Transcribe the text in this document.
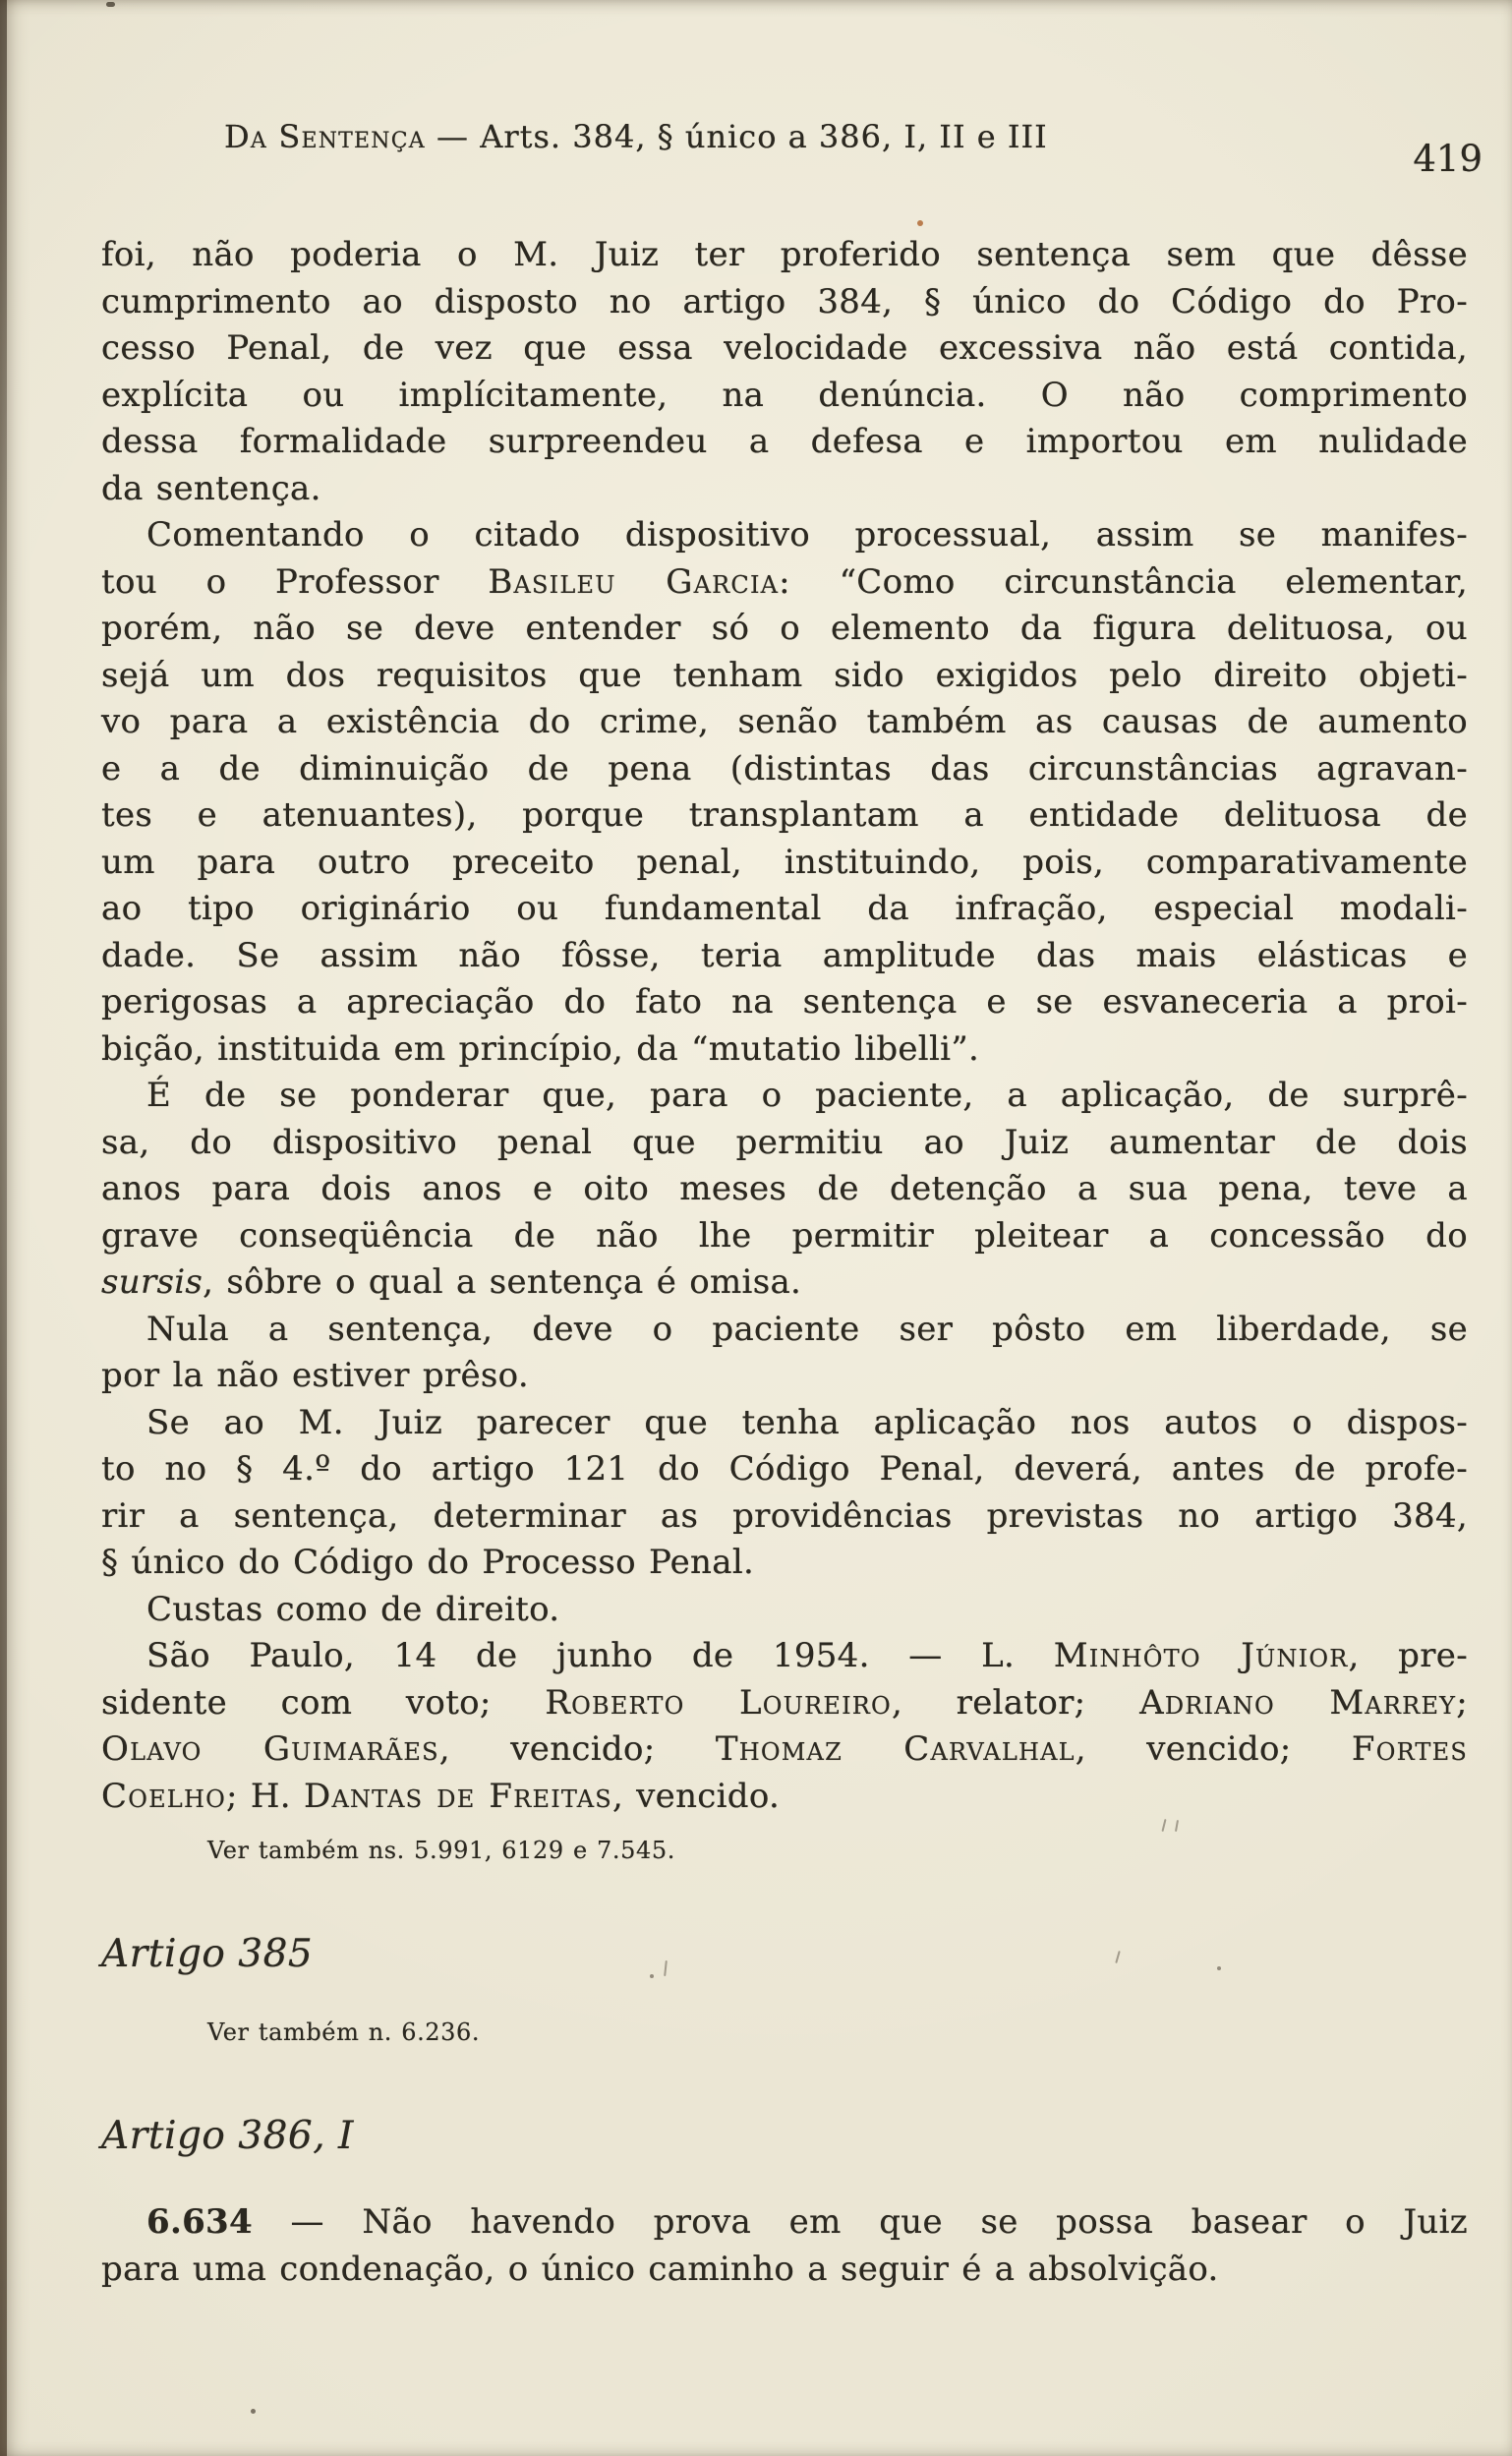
Da Sentença — Arts. 384, § único a 386, I, II e III
419
foi, não poderia o M. Juiz ter proferido sentença sem que dêsse
cumprimento ao disposto no artigo 384, § único do Código do Pro-
cesso Penal, de vez que essa velocidade excessiva não está contida,
explícita ou implícitamente, na denúncia. O não comprimento
dessa formalidade surpreendeu a defesa e importou em nulidade
da sentença.
Comentando o citado dispositivo processual, assim se manifes-
tou o Professor Basileu Garcia: “Como circunstância elementar,
porém, não se deve entender só o elemento da figura delituosa, ou
sejá um dos requisitos que tenham sido exigidos pelo direito objeti-
vo para a existência do crime, senão também as causas de aumento
e a de diminuição de pena (distintas das circunstâncias agravan-
tes e atenuantes), porque transplantam a entidade delituosa de
um para outro preceito penal, instituindo, pois, comparativamente
ao tipo originário ou fundamental da infração, especial modali-
dade. Se assim não fôsse, teria amplitude das mais elásticas e
perigosas a apreciação do fato na sentença e se esvaneceria a proi-
bição, instituida em princípio, da “mutatio libelli”.
É de se ponderar que, para o paciente, a aplicação, de surprê-
sa, do dispositivo penal que permitiu ao Juiz aumentar de dois
anos para dois anos e oito meses de detenção a sua pena, teve a
grave conseqüência de não lhe permitir pleitear a concessão do
sursis, sôbre o qual a sentença é omisa.
Nula a sentença, deve o paciente ser pôsto em liberdade, se
por la não estiver prêso.
Se ao M. Juiz parecer que tenha aplicação nos autos o dispos-
to no § 4.º do artigo 121 do Código Penal, deverá, antes de profe-
rir a sentença, determinar as providências previstas no artigo 384,
§ único do Código do Processo Penal.
Custas como de direito.
São Paulo, 14 de junho de 1954. — L. Minhôto Júnior, pre-
sidente com voto; Roberto Loureiro, relator; Adriano Marrey;
Olavo Guimarães, vencido; Thomaz Carvalhal, vencido; Fortes
Coelho; H. Dantas de Freitas, vencido.
Ver também ns. 5.991, 6129 e 7.545.
Artigo 385
Ver também n. 6.236.
Artigo 386, I
6.634 — Não havendo prova em que se possa basear o Juiz
para uma condenação, o único caminho a seguir é a absolvição.
